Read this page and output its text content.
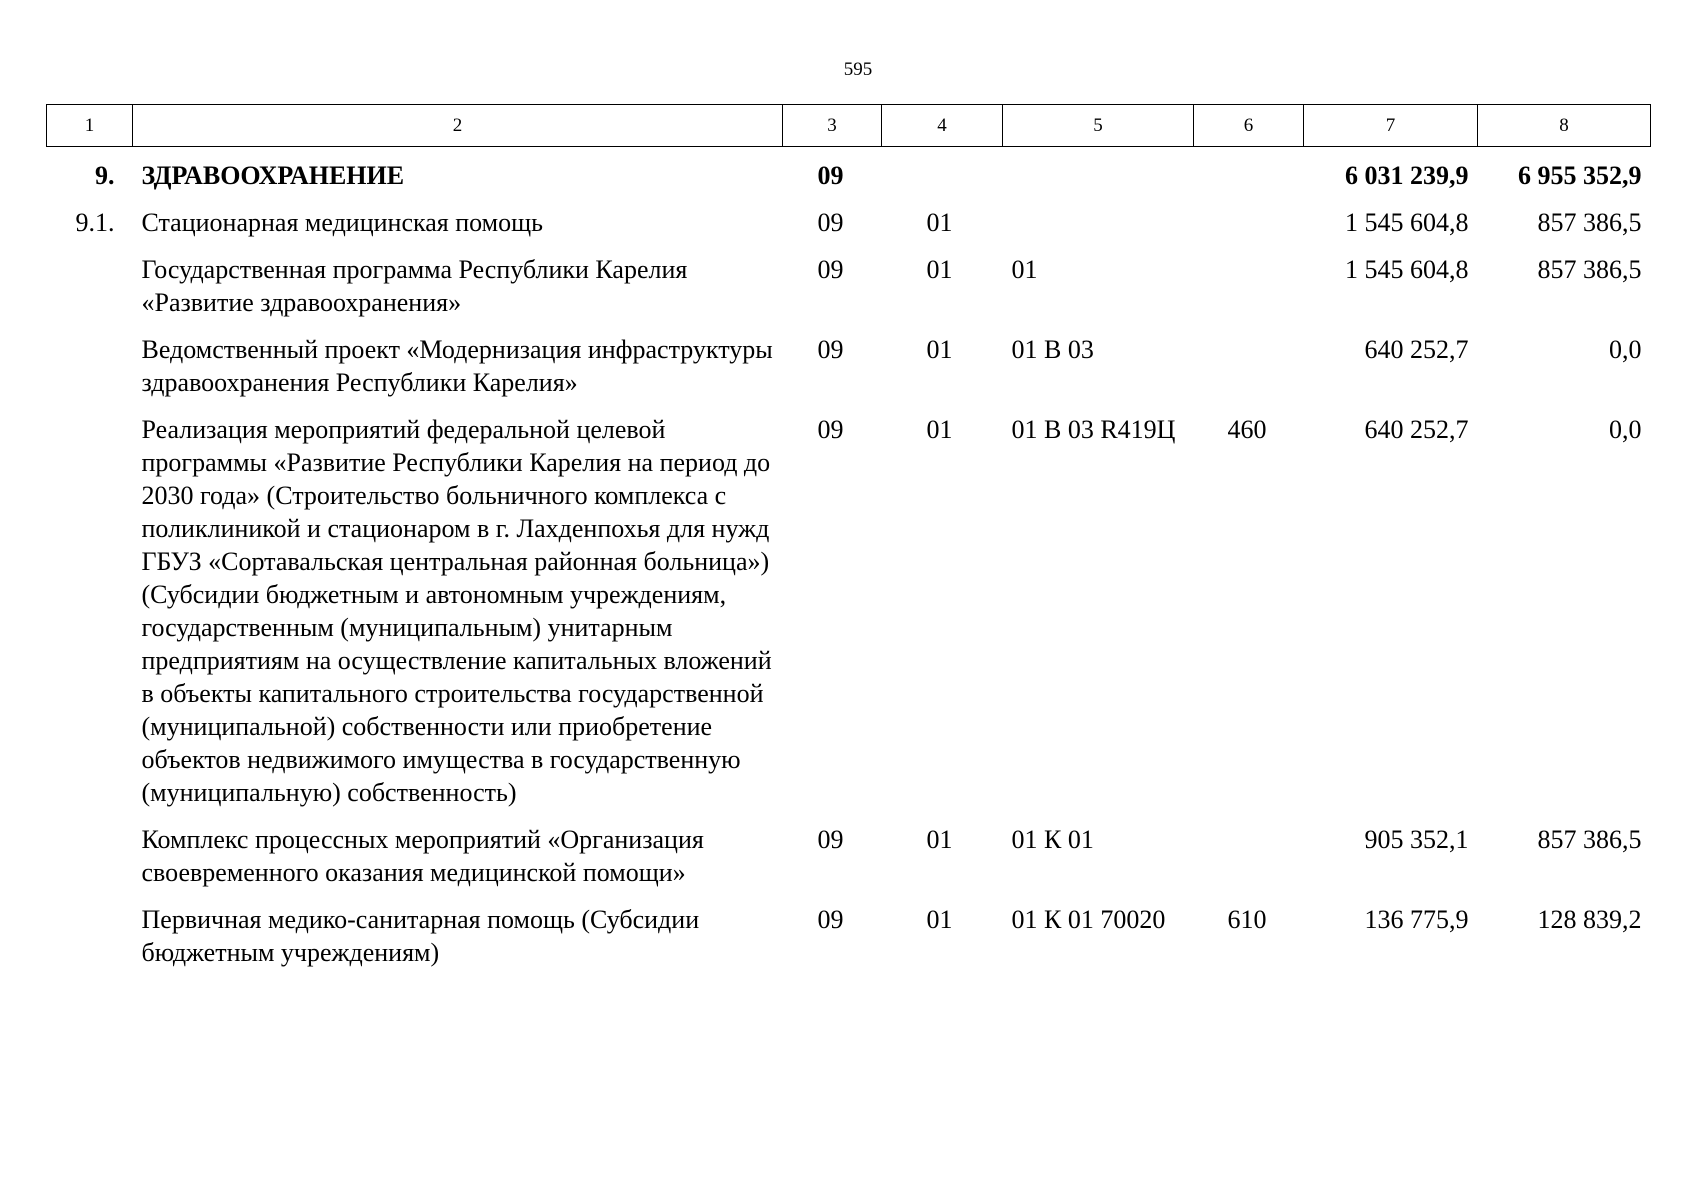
595
1	2	3	4	5	6	7	8
9.	ЗДРАВООХРАНЕНИЕ	09				6 031 239,9	6 955 352,9
9.1.	Стационарная медицинская помощь	09	01			1 545 604,8	857 386,5
	Государственная программа Республики Карелия «Развитие здравоохранения»	09	01	01		1 545 604,8	857 386,5
	Ведомственный проект «Модернизация инфраструктуры здравоохранения Республики Карелия»	09	01	01 В 03		640 252,7	0,0
	Реализация мероприятий федеральной целевой программы «Развитие Республики Карелия на период до 2030 года» (Строительство больничного комплекса с поликлиникой и стационаром в г. Лахденпохья для нужд ГБУЗ «Сортавальская центральная районная больница») (Субсидии бюджетным и автономным учреждениям, государственным (муниципальным) унитарным предприятиям на осуществление капитальных вложений в объекты капитального строительства государственной (муниципальной) собственности или приобретение объектов недвижимого имущества в государственную (муниципальную) собственность)	09	01	01 В 03 R419Ц	460	640 252,7	0,0
	Комплекс процессных мероприятий «Организация своевременного оказания медицинской помощи»	09	01	01 К 01		905 352,1	857 386,5
	Первичная медико-санитарная помощь (Субсидии бюджетным учреждениям)	09	01	01 К 01 70020	610	136 775,9	128 839,2
